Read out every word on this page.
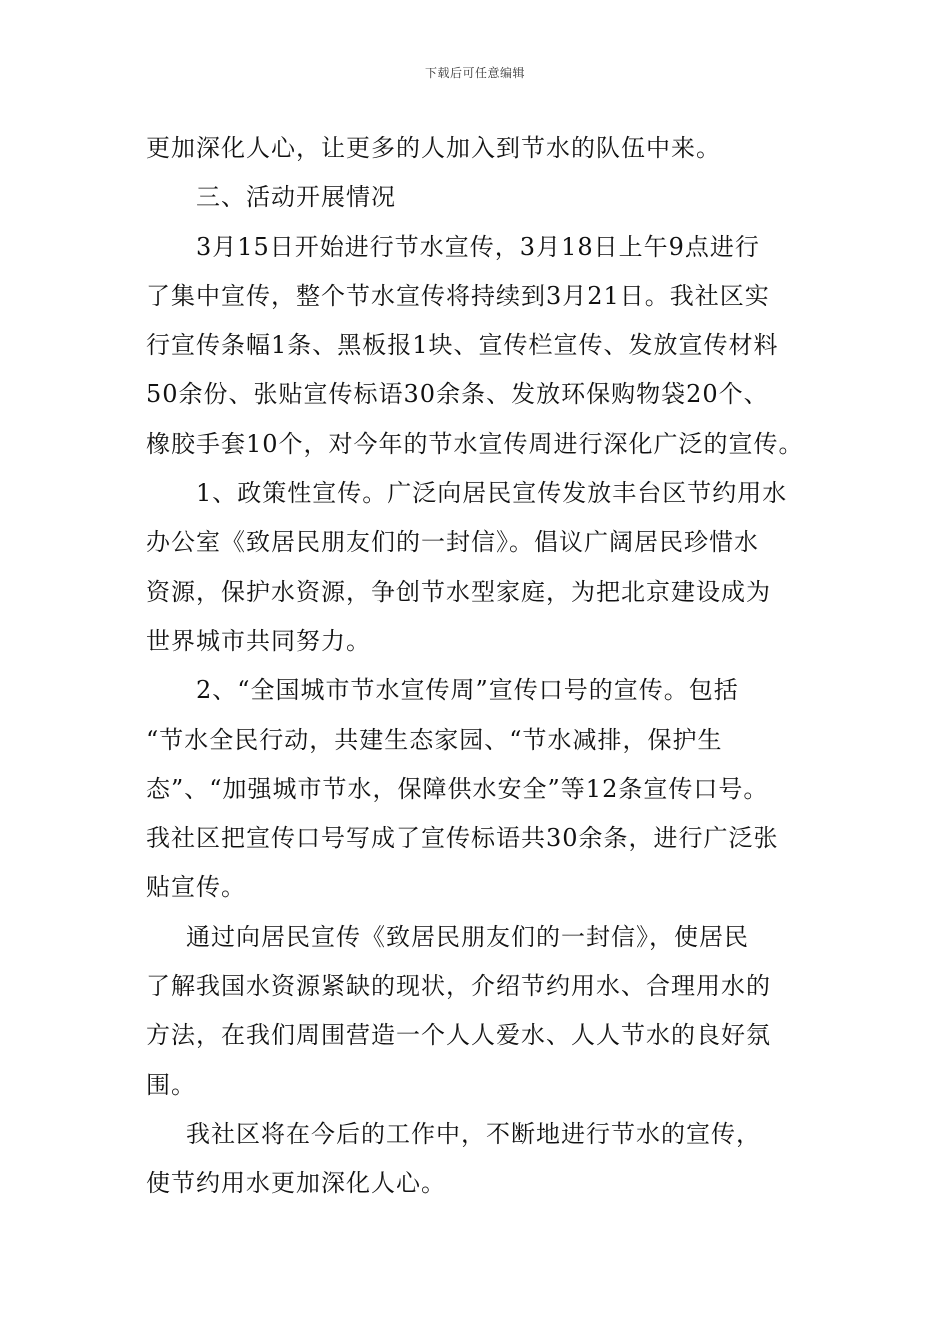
下载后可任意编辑
更加深化人心，让更多的人加入到节水的队伍中来。
三、活动开展情况
3月15日开始进行节水宣传，3月18日上午9点进行
了集中宣传，整个节水宣传将持续到3月21日。我社区实
行宣传条幅1条、黑板报1块、宣传栏宣传、发放宣传材料
50余份、张贴宣传标语30余条、发放环保购物袋20个、
橡胶手套10个，对今年的节水宣传周进行深化广泛的宣传。
1、政策性宣传。广泛向居民宣传发放丰台区节约用水
办公室《致居民朋友们的一封信》。倡议广阔居民珍惜水
资源，保护水资源，争创节水型家庭，为把北京建设成为
世界城市共同努力。
2、“全国城市节水宣传周”宣传口号的宣传。包括
“节水全民行动，共建生态家园、“节水减排，保护生
态”、“加强城市节水，保障供水安全”等12条宣传口号。
我社区把宣传口号写成了宣传标语共30余条，进行广泛张
贴宣传。
通过向居民宣传《致居民朋友们的一封信》，使居民
了解我国水资源紧缺的现状，介绍节约用水、合理用水的
方法，在我们周围营造一个人人爱水、人人节水的良好氛
围。
我社区将在今后的工作中，不断地进行节水的宣传，
使节约用水更加深化人心。
